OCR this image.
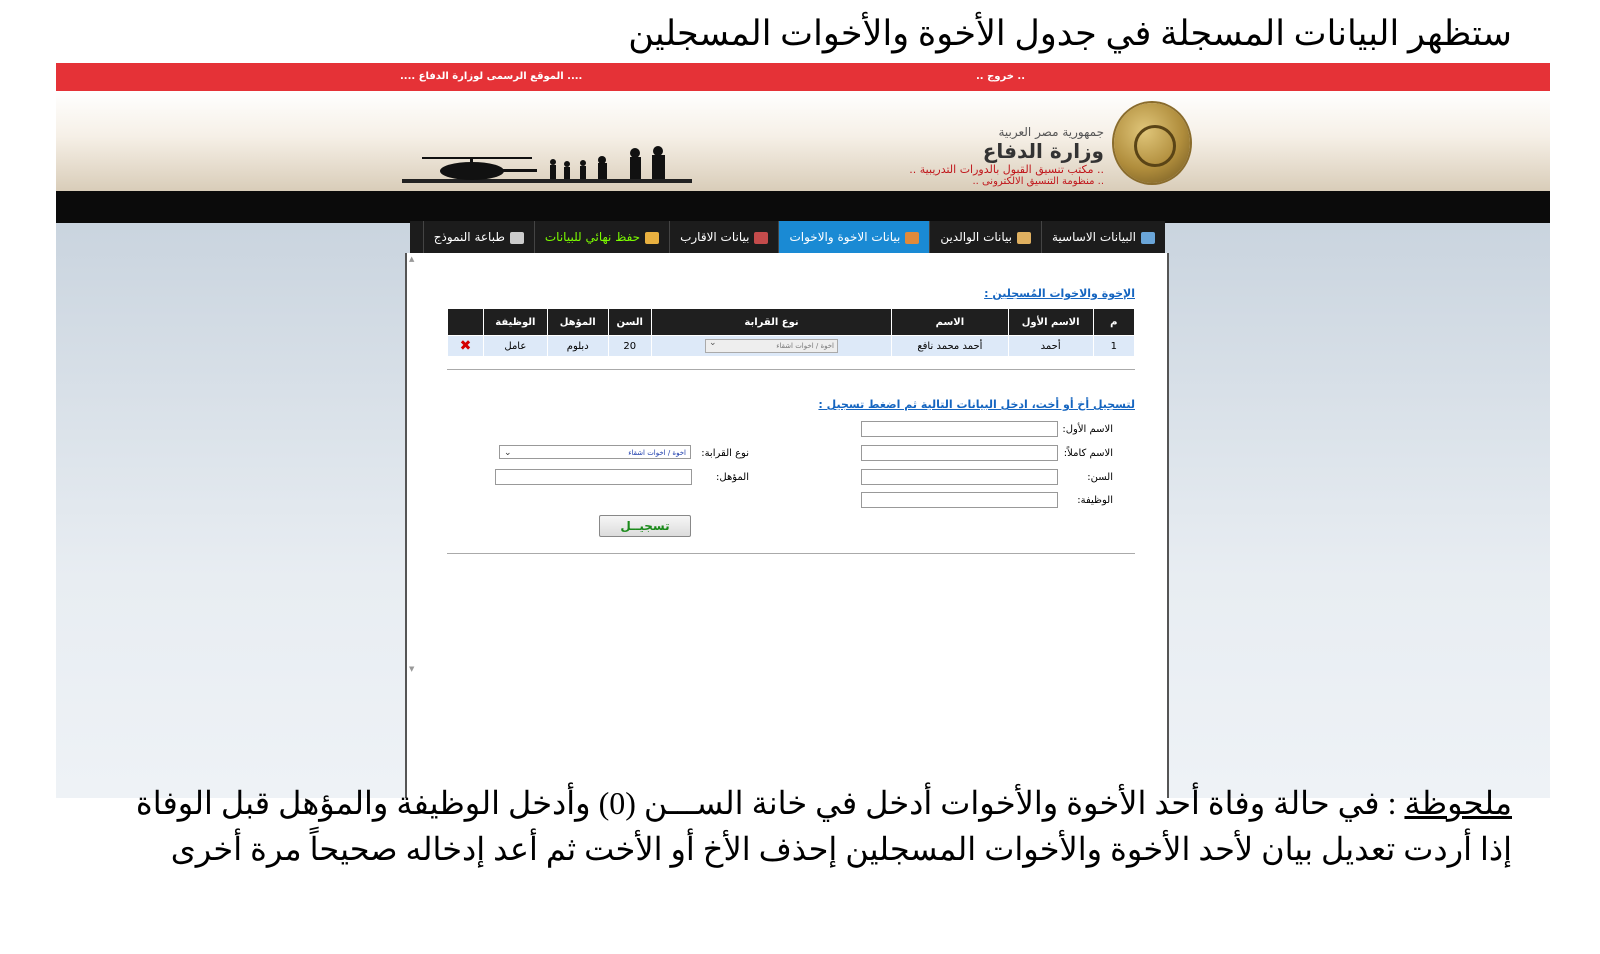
ستظهر البيانات المسجلة في جدول الأخوة والأخوات المسجلين
.... الموقع الرسمى لوزارة الدفاع ....	.. خروج ..
جمهورية مصر العربية
وزارة الدفاع
.. مكتب تنسيق القبول بالدورات التدريبية ..
.. منظومة التنسيق الالكترونى ..
البيانات الاساسية
بيانات الوالدين
بيانات الاخوة والاخوات
بيانات الاقارب
حفظ نهائي للبيانات
طباعة النموذج
▲
▼
الإخوة والاخوات المُسجلين :
م	الاسم الأول	الاسم	نوع القرابة	السن	المؤهل	الوظيفة	
1	أحمد	أحمد محمد نافع	⌄ اخوة / اخوات اشقاء	20	دبلوم	عامل	✖
لتسجيل أخ أو أخت، ادخل البيانات التالية ثم اضغط تسجيل :
الاسم الأول:
الاسم كاملاً:
السن:
الوظيفة:
نوع القرابة:
اخوة / اخوات اشقاء
⌄
المؤهل:
تسجيــل
ملحوظة : في حالة وفاة أحد الأخوة والأخوات أدخل في خانة الســـن (0) وأدخل الوظيفة والمؤهل قبل الوفاة
إذا أردت تعديل بيان لأحد الأخوة والأخوات المسجلين إحذف الأخ أو الأخت ثم أعد إدخاله صحيحاً مرة أخرى
